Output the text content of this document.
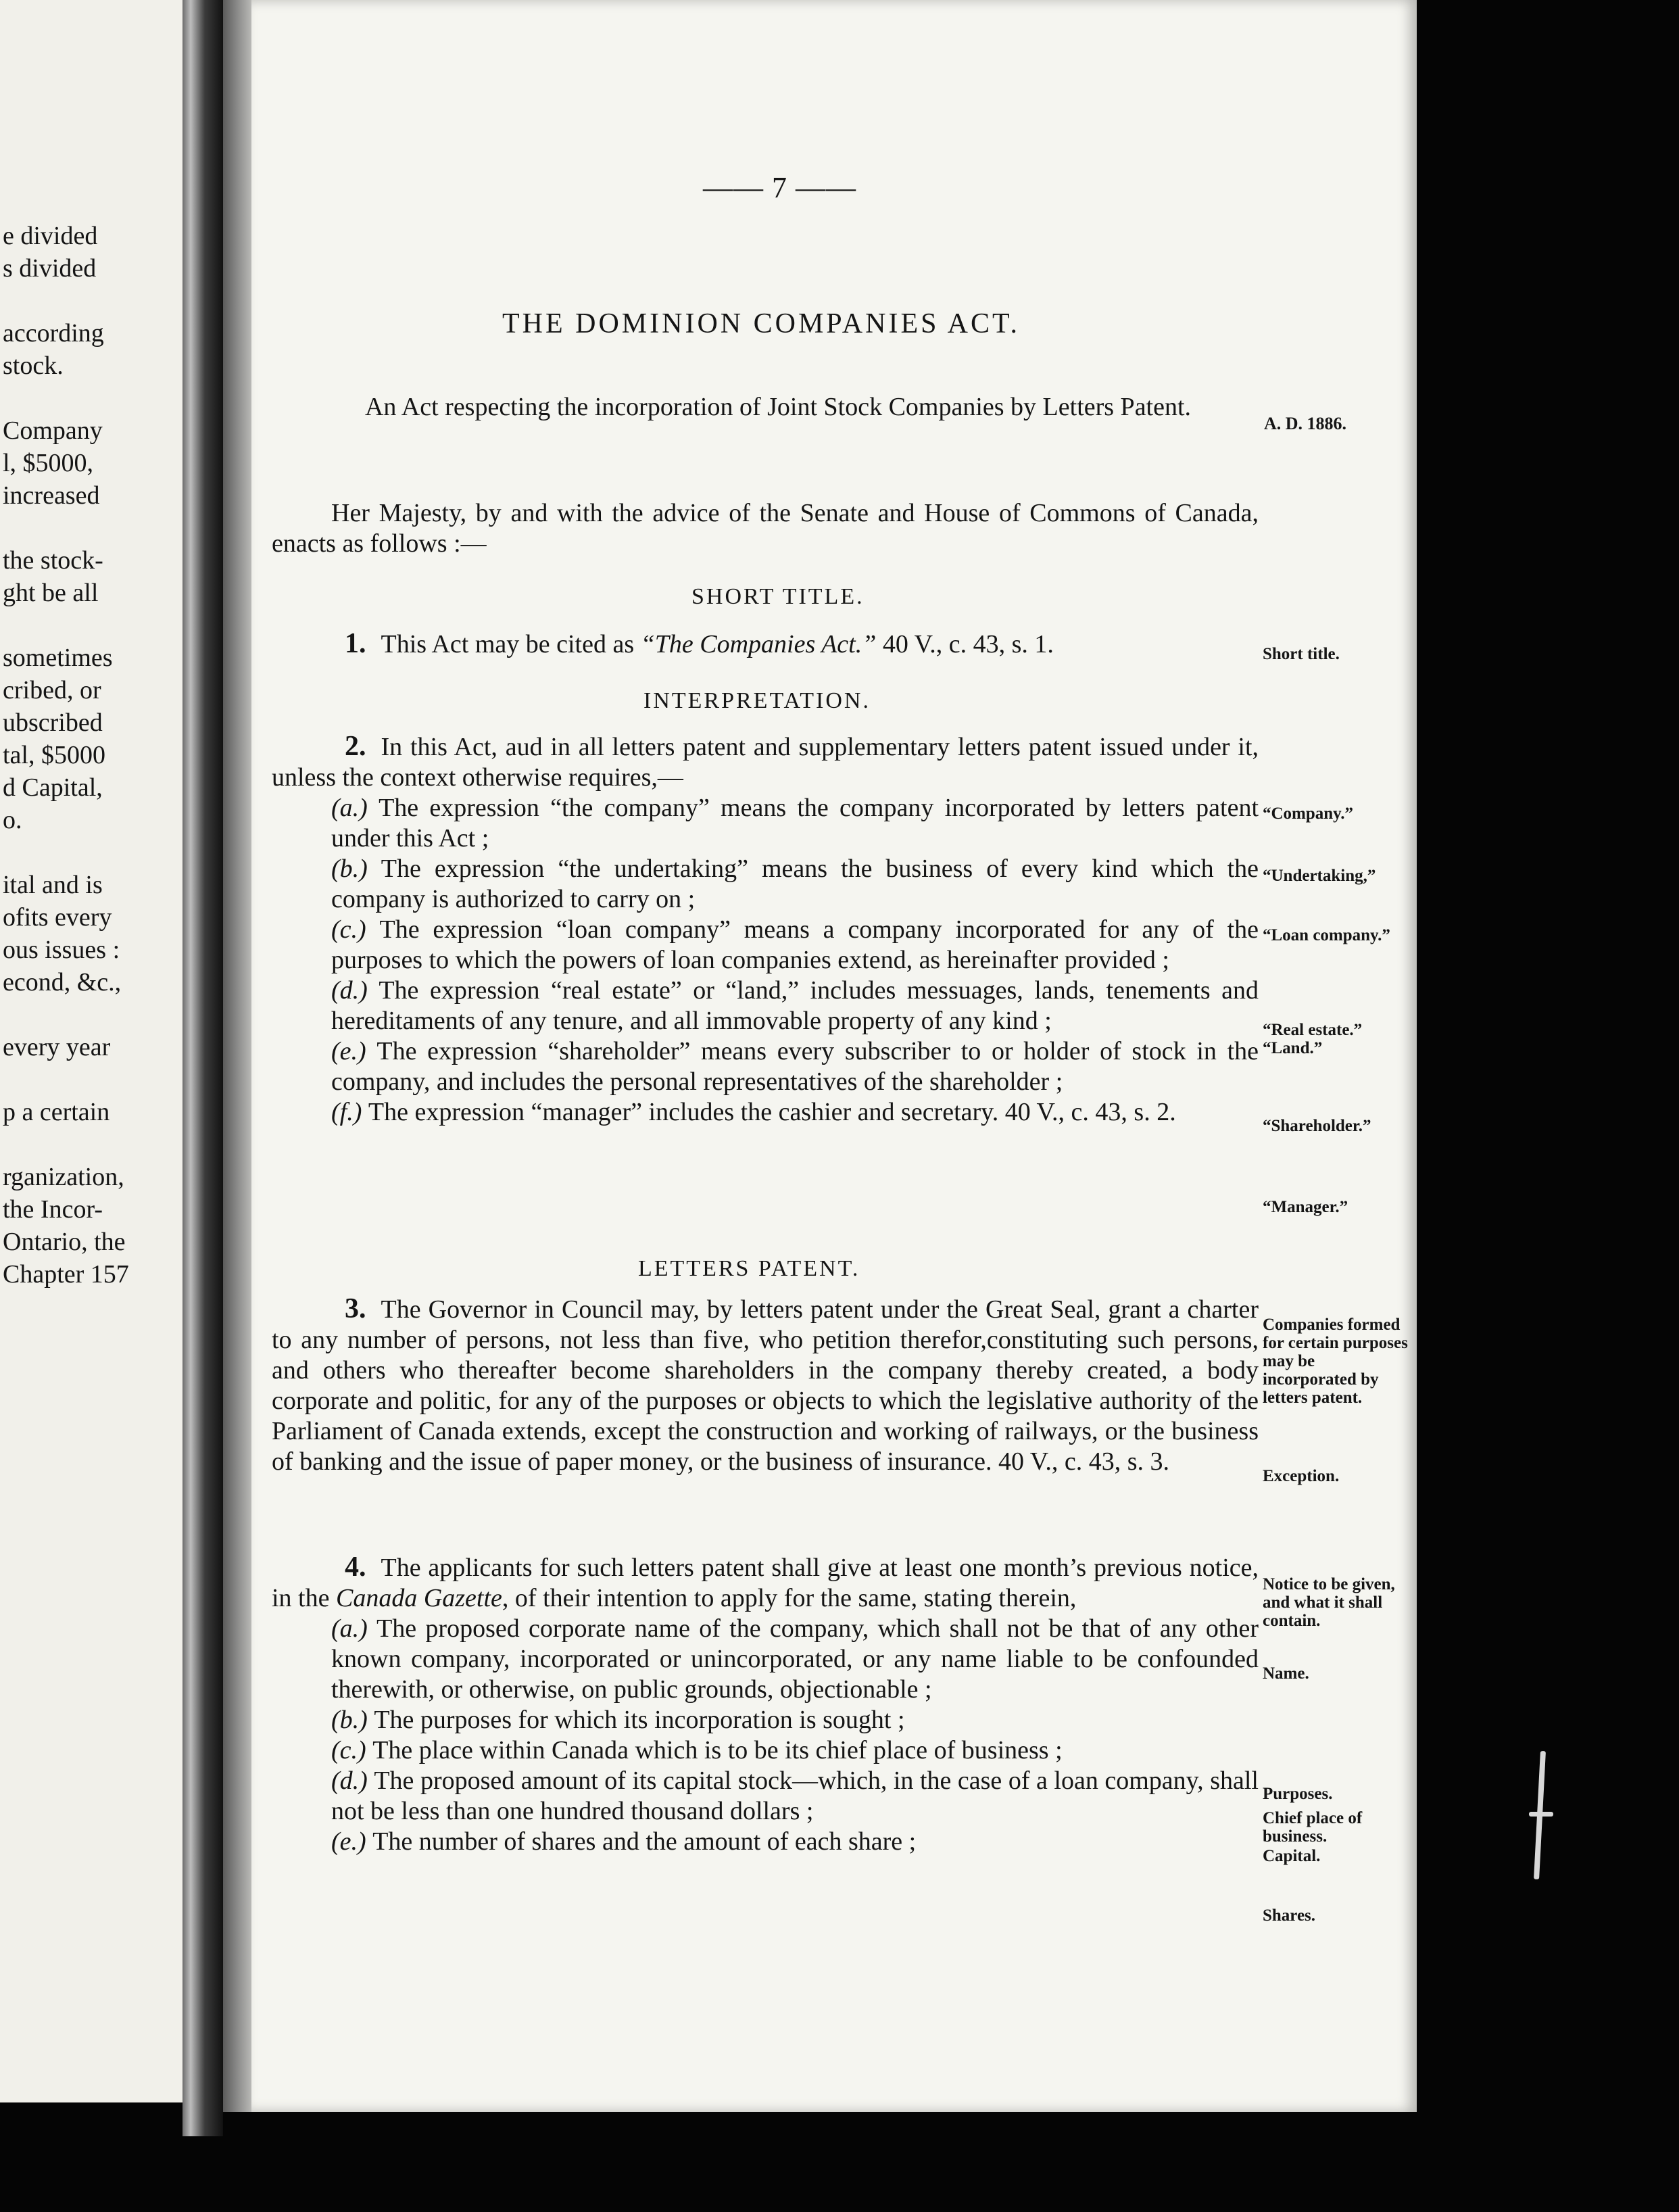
e divided
s divided
according
stock.
Company
l, $5000,
increased
the stock-
ght be all
sometimes
cribed, or
ubscribed
tal, $5000
d Capital,
o.
ital and is
ofits every
ous issues :
econd, &c.,
every year
p a certain
rganization,
the Incor-
Ontario, the
Chapter 157
—— 7 ——
THE DOMINION COMPANIES ACT.
An Act respecting the incorporation of Joint Stock Companies by Letters Patent.
A. D. 1886.
Her Majesty, by and with the advice of the Senate and House of Commons of Canada, enacts as follows :—
SHORT TITLE.
1. This Act may be cited as “The Companies Act.” 40 V., c. 43, s. 1.	Short title.
INTERPRETATION.
2. In this Act, aud in all letters patent and supplementary letters patent issued under it, unless the context otherwise requires,—
(a.) The expression “the company” means the company incorporated by letters patent under this Act ;
(b.) The expression “the undertaking” means the business of every kind which the company is authorized to carry on ;
(c.) The expression “loan company” means a company incorporated for any of the purposes to which the powers of loan companies extend, as hereinafter provided ;
(d.) The expression “real estate” or “land,” includes messuages, lands, tenements and hereditaments of any tenure, and all immovable property of any kind ;
(e.) The expression “shareholder” means every subscriber to or holder of stock in the company, and includes the personal representatives of the shareholder ;
(f.) The expression “manager” includes the cashier and secretary. 40 V., c. 43, s. 2.
“Company.”
“Undertaking,”
“Loan company.”
“Real estate.” “Land.”
“Shareholder.”
“Manager.”
LETTERS PATENT.
3. The Governor in Council may, by letters patent under the Great Seal, grant a charter to any number of persons, not less than five, who petition therefor,constituting such persons, and others who thereafter become shareholders in the company thereby created, a body corporate and politic, for any of the purposes or objects to which the legislative authority of the Parliament of Canada extends, except the construction and working of railways, or the business of banking and the issue of paper money, or the business of insurance. 40 V., c. 43, s. 3.
Companies formed for certain purposes may be incorporated by letters patent.
Exception.
4. The applicants for such letters patent shall give at least one month’s previous notice, in the Canada Gazette, of their intention to apply for the same, stating therein,
(a.) The proposed corporate name of the company, which shall not be that of any other known company, incorporated or unincorporated, or any name liable to be confounded therewith, or otherwise, on public grounds, objectionable ;
(b.) The purposes for which its incorporation is sought ;
(c.) The place within Canada which is to be its chief place of business ;
(d.) The proposed amount of its capital stock—which, in the case of a loan company, shall not be less than one hundred thousand dollars ;
(e.) The number of shares and the amount of each share ;
Notice to be given, and what it shall contain.
Name.
Purposes.
Chief place of business.
Capital.
Shares.
